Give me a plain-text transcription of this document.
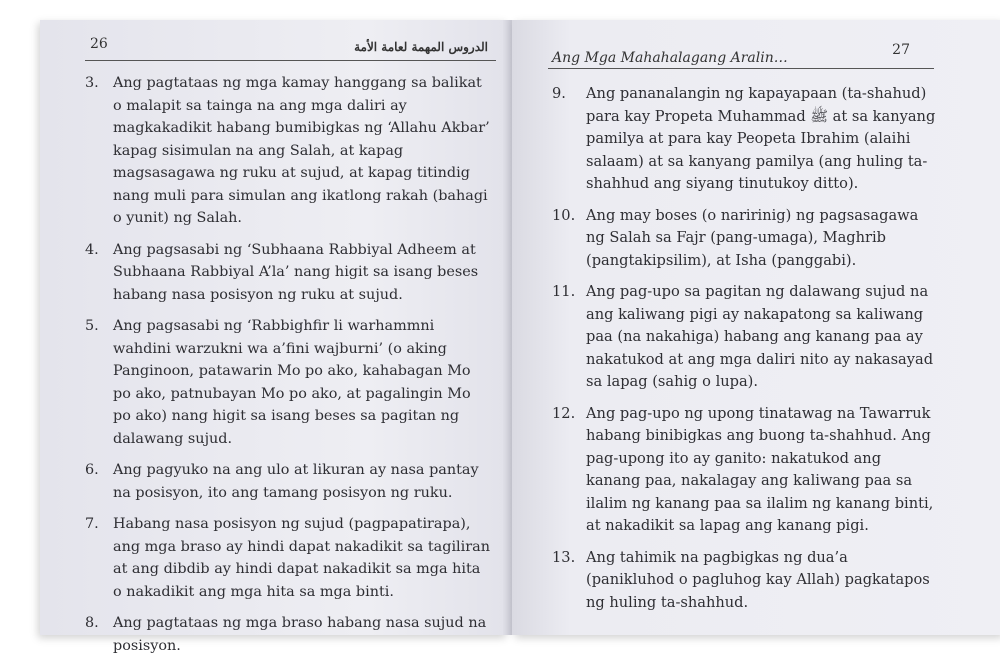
26	الدروس المهمة لعامة الأمة
3. Ang pagtataas ng mga kamay hanggang sa balikat o malapit sa tainga na ang mga daliri ay magkakadikit habang bumibigkas ng ‘Allahu Akbar’ kapag sisimulan na ang Salah, at kapag magsasagawa ng ruku at sujud, at kapag titindig nang muli para simulan ang ikatlong rakah (bahagi o yunit) ng Salah.
4. Ang pagsasabi ng ‘Subhaana Rabbiyal Adheem at Subhaana Rabbiyal A’la’ nang higit sa isang beses habang nasa posisyon ng ruku at sujud.
5. Ang pagsasabi ng ‘Rabbighfir li warhammni wahdini warzukni wa a’fini wajburni’ (o aking Panginoon, patawarin Mo po ako, kahabagan Mo po ako, patnubayan Mo po ako, at pagalingin Mo po ako) nang higit sa isang beses sa pagitan ng dalawang sujud.
6. Ang pagyuko na ang ulo at likuran ay nasa pantay na posisyon, ito ang tamang posisyon ng ruku.
7. Habang nasa posisyon ng sujud (pagpapatirapa), ang mga braso ay hindi dapat nakadikit sa tagiliran at ang dibdib ay hindi dapat nakadikit sa mga hita o nakadikit ang mga hita sa mga binti.
8. Ang pagtataas ng mga braso habang nasa sujud na posisyon.
Ang Mga Mahahalagang Aralin…	27
9. Ang pananalangin ng kapayapaan (ta-shahud) para kay Propeta Muhammad ﷺ at sa kanyang pamilya at para kay Peopeta Ibrahim (alaihi salaam) at sa kanyang pamilya (ang huling ta-shahhud ang siyang tinutukoy ditto).
10. Ang may boses (o naririnig) ng pagsasagawa ng Salah sa Fajr (pang-umaga), Maghrib (pangtakipsilim), at Isha (panggabi).
11. Ang pag-upo sa pagitan ng dalawang sujud na ang kaliwang pigi ay nakapatong sa kaliwang paa (na nakahiga) habang ang kanang paa ay nakatukod at ang mga daliri nito ay nakasayad sa lapag (sahig o lupa).
12. Ang pag-upo ng upong tinatawag na Tawarruk habang binibigkas ang buong ta-shahhud. Ang pag-upong ito ay ganito: nakatukod ang kanang paa, nakalagay ang kaliwang paa sa ilalim ng kanang paa sa ilalim ng kanang binti, at nakadikit sa lapag ang kanang pigi.
13. Ang tahimik na pagbigkas ng dua’a (panikluhod o pagluhog kay Allah) pagkatapos ng huling ta-shahhud.
